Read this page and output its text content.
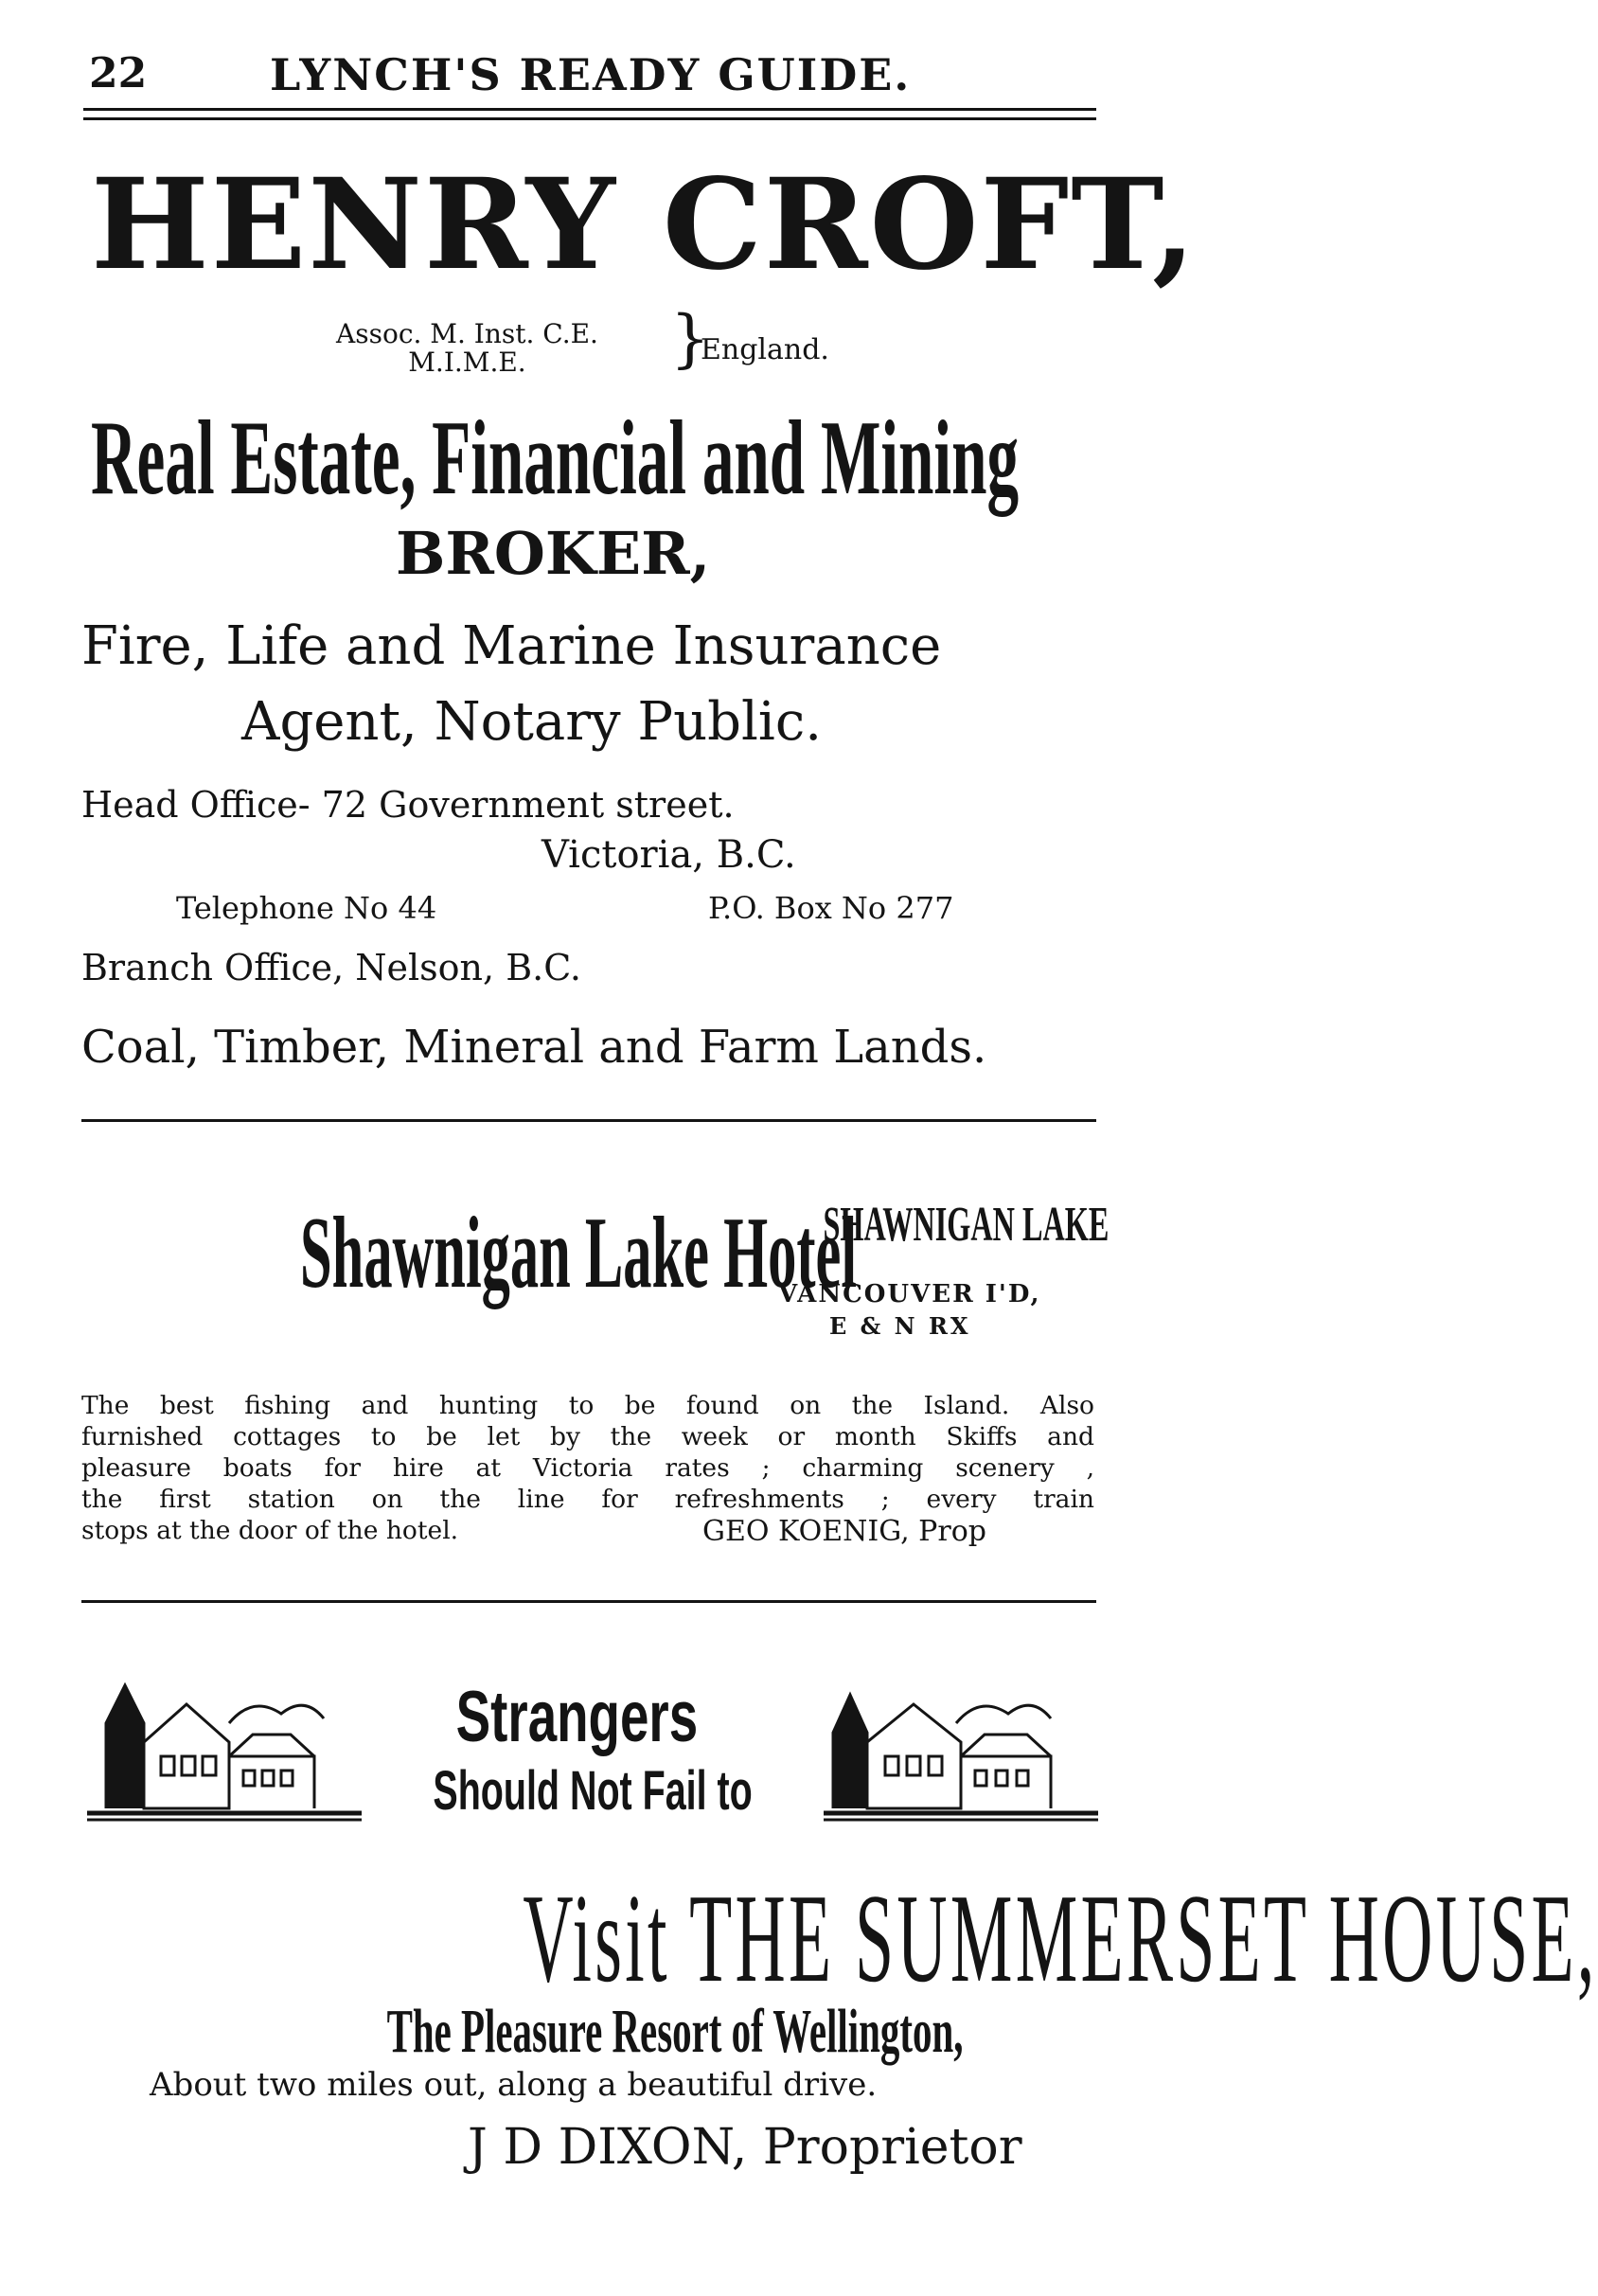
22	LYNCH'S READY GUIDE.
HENRY CROFT,
Assoc. M. Inst. C.E.
M.I.M.E.	}
England.
Real Estate, Financial and Mining
BROKER,
Fire, Life and Marine Insurance
Agent, Notary Public.
Head Office- 72 Government street.
Victoria, B.C.
Telephone No 44	P.O. Box No 277
Branch Office, Nelson, B.C.
Coal, Timber, Mineral and Farm Lands.
Shawnigan Lake Hotel
SHAWNIGAN LAKE
VANCOUVER I'D,
E & N RX
The best fishing and hunting to be found on the Island. Also
furnished cottages to be let by the week or month Skiffs and
pleasure boats for hire at Victoria rates ; charming scenery ,
the first station on the line for refreshments ; every train
stops at the door of the hotel.	GEO KOENIG, Prop
Strangers
Should Not Fail to
Visit THE SUMMERSET HOUSE,
The Pleasure Resort of Wellington,
About two miles out, along a beautiful drive.
J D DIXON, Proprietor
